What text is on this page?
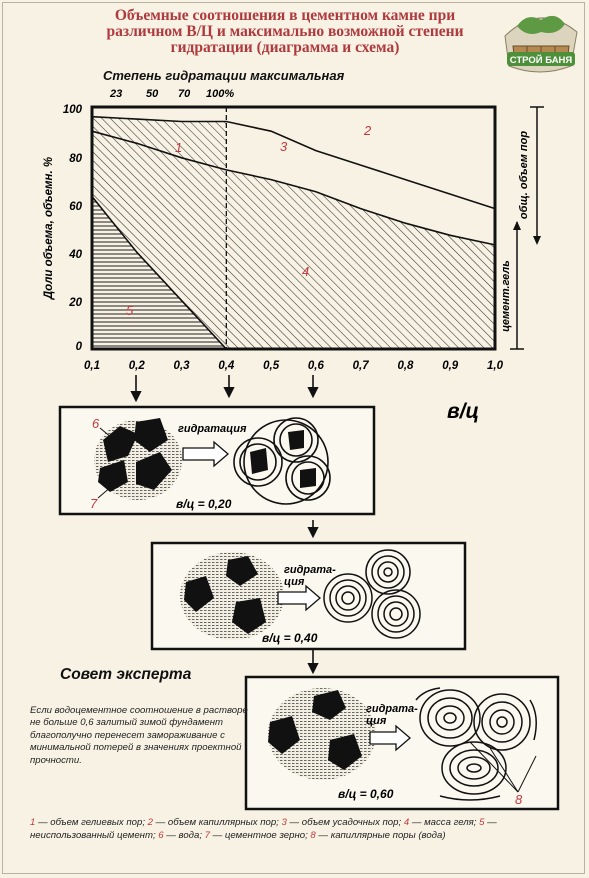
Объемные соотношения в цементном камне при
различном В/Ц и максимально возможной степени
гидратации (диаграмма и схема)
СТРОЙ БАНЯ
Степень гидратации максимальная
23 50 70 100%
1
2
3
4
5
100
80
60
40
20
0
Доли объема, объемн. %
0,1	0,2	0,3	0,4	0,5	0,6	0,7	0,8	0,9	1,0
общ. объем пор
цемент.гель
в/ц
6
7
гидратация
в/ц = 0,20
гидрата-
ция
в/ц = 0,40
гидрата-
ция
8
в/ц = 0,60
Совет эксперта

Если водоцементное соотношение в растворе не больше 0,6 залитый зимой фундамент благополучно перенесет замораживание с минимальной потерей в значениях проектной прочности.

1 — объем гелиевых пор; 2 — объем капиллярных пор; 3 — объем усадочных пор; 4 — масса геля; 5 — неиспользованный цемент; 6 — вода; 7 — цементное зерно; 8 — капиллярные поры (вода)
